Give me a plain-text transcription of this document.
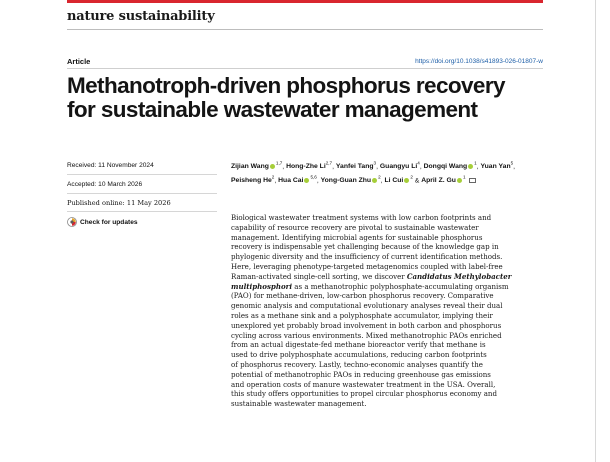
nature sustainability
Article	https://doi.org/10.1038/s41893-026-01807-w
Methanotroph-driven phosphorus recovery
for sustainable wastewater management
Received: 11 November 2024
Accepted: 10 March 2026
Published online: 11 May 2026
Check for updates
Zijian Wang $^{1,7}$, Hong-Zhe Li$^{2,7}$, Yanfei Tang$^3$, Guangyu Li$^4$, Dongqi Wang $^1$, Yuan Yan$^5$, Peisheng He$^2$, Hua Cai $^{5,6}$, Yong-Guan Zhu $^2$, Li Cui $^2$ & April Z. Gu $^1$
Biological wastewater treatment systems with low carbon footprints and
capability of resource recovery are pivotal to sustainable wastewater
management. Identifying microbial agents for sustainable phosphorus
recovery is indispensable yet challenging because of the knowledge gap in
phylogenic diversity and the insufficiency of current identification methods.
Here, leveraging phenotype-targeted metagenomics coupled with label-free
Raman-activated single-cell sorting, we discover Candidatus Methylobacter
multiphosphori as a methanotrophic polyphosphate-accumulating organism
(PAO) for methane-driven, low-carbon phosphorus recovery. Comparative
genomic analysis and computational evolutionary analyses reveal their dual
roles as a methane sink and a polyphosphate accumulator, implying their
unexplored yet probably broad involvement in both carbon and phosphorus
cycling across various environments. Mixed methanotrophic PAOs enriched
from an actual digestate-fed methane bioreactor verify that methane is
used to drive polyphosphate accumulations, reducing carbon footprints
of phosphorus recovery. Lastly, techno-economic analyses quantify the
potential of methanotrophic PAOs in reducing greenhouse gas emissions
and operation costs of manure wastewater treatment in the USA. Overall,
this study offers opportunities to propel circular phosphorus economy and
sustainable wastewater management.
